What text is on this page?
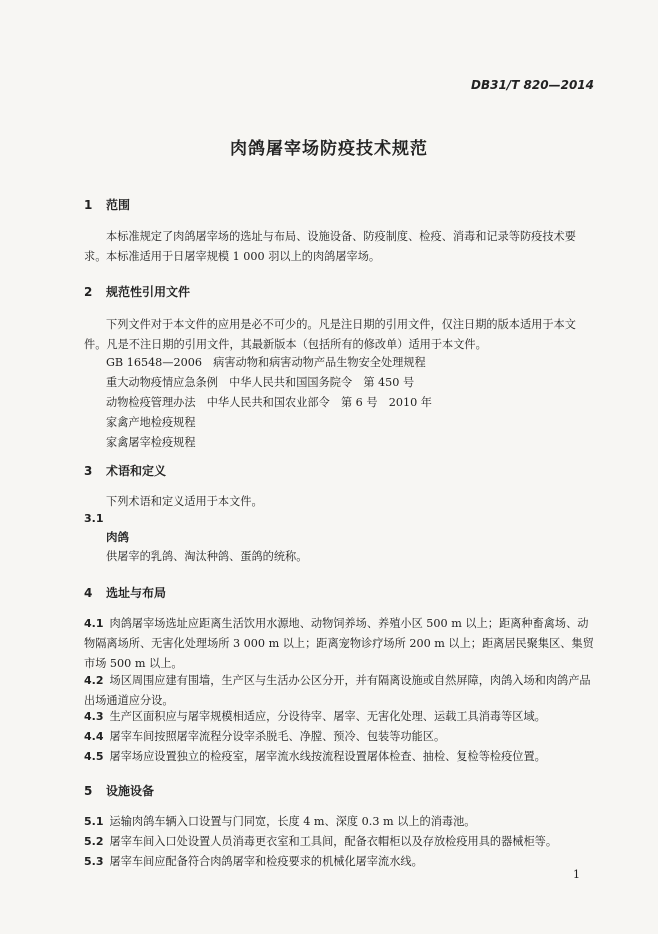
DB31/T 820—2014
肉鸽屠宰场防疫技术规范
1 范围
本标准规定了肉鸽屠宰场的选址与布局、设施设备、防疫制度、检疫、消毒和记录等防疫技术要求。 本标准适用于日屠宰规模 1 000 羽以上的肉鸽屠宰场。
2 规范性引用文件
下列文件对于本文件的应用是必不可少的。凡是注日期的引用文件，仅注日期的版本适用于本文件。凡是不注日期的引用文件，其最新版本（包括所有的修改单）适用于本文件。
GB 16548—2006　病害动物和病害动物产品生物安全处理规程
重大动物疫情应急条例　中华人民共和国国务院令　第 450 号
动物检疫管理办法　中华人民共和国农业部令　第 6 号　2010 年
家禽产地检疫规程
家禽屠宰检疫规程
3 术语和定义
下列术语和定义适用于本文件。
3.1
肉鸽
供屠宰的乳鸽、淘汰种鸽、蛋鸽的统称。
4 选址与布局
4.1 肉鸽屠宰场选址应距离生活饮用水源地、动物饲养场、养殖小区 500 m 以上；距离种畜禽场、动物隔离场所、无害化处理场所 3 000 m 以上；距离宠物诊疗场所 200 m 以上；距离居民聚集区、集贸市场 500 m 以上。
4.2 场区周围应建有围墙，生产区与生活办公区分开，并有隔离设施或自然屏障，肉鸽入场和肉鸽产品出场通道应分设。
4.3 生产区面积应与屠宰规模相适应，分设待宰、屠宰、无害化处理、运载工具消毒等区域。
4.4 屠宰车间按照屠宰流程分设宰杀脱毛、净膛、预冷、包装等功能区。
4.5 屠宰场应设置独立的检疫室，屠宰流水线按流程设置屠体检查、抽检、复检等检疫位置。
5 设施设备
5.1 运输肉鸽车辆入口设置与门同宽，长度 4 m、深度 0.3 m 以上的消毒池。
5.2 屠宰车间入口处设置人员消毒更衣室和工具间，配备衣帽柜以及存放检疫用具的器械柜等。
5.3 屠宰车间应配备符合肉鸽屠宰和检疫要求的机械化屠宰流水线。
1
